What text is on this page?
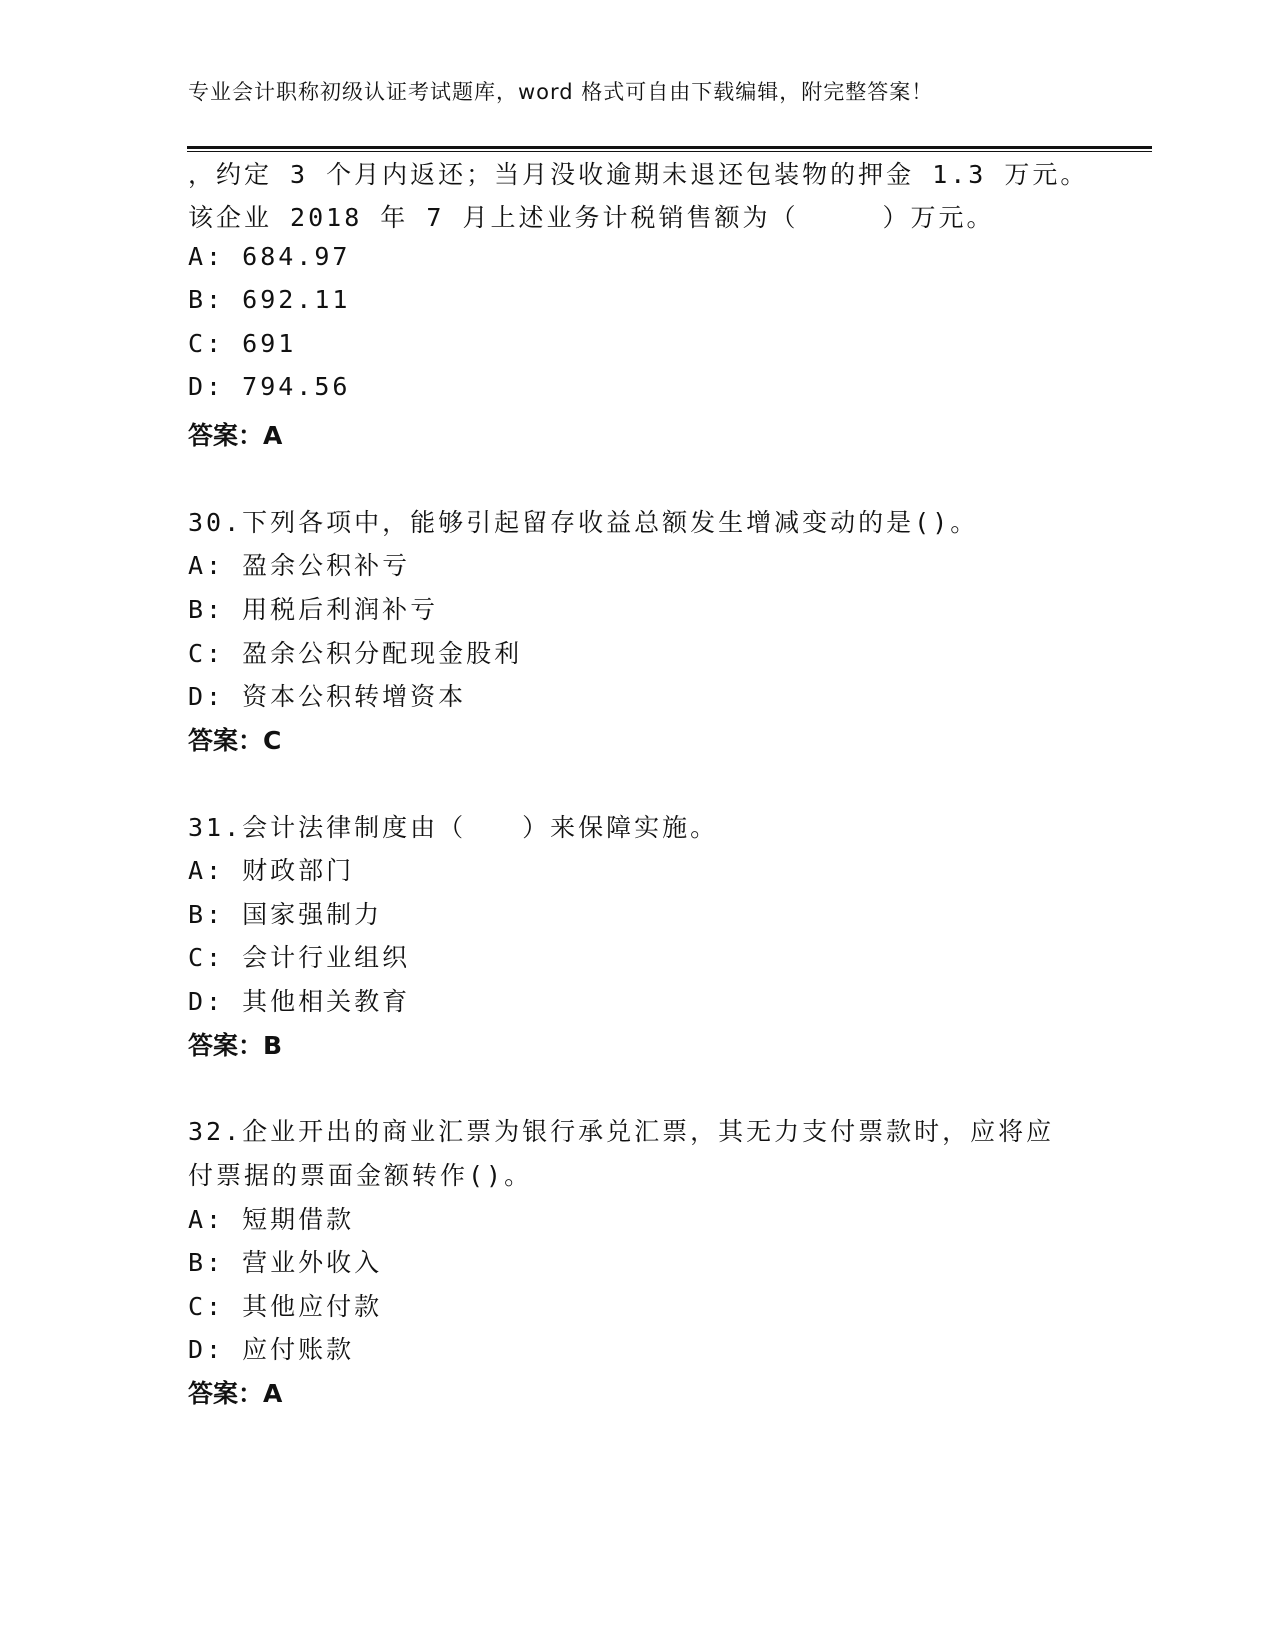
专业会计职称初级认证考试题库，word 格式可自由下载编辑，附完整答案！
，约定 3 个月内返还；当月没收逾期未退还包装物的押金 1.3 万元。
该企业 2018 年 7 月上述业务计税销售额为（　　　）万元。
A: 684.97
B: 692.11
C: 691
D: 794.56
答案：A
30.下列各项中，能够引起留存收益总额发生增减变动的是()。
A: 盈余公积补亏
B: 用税后利润补亏
C: 盈余公积分配现金股利
D: 资本公积转增资本
答案：C
31.会计法律制度由（　　）来保障实施。
A: 财政部门
B: 国家强制力
C: 会计行业组织
D: 其他相关教育
答案：B
32.企业开出的商业汇票为银行承兑汇票，其无力支付票款时，应将应
付票据的票面金额转作()。
A: 短期借款
B: 营业外收入
C: 其他应付款
D: 应付账款
答案：A
